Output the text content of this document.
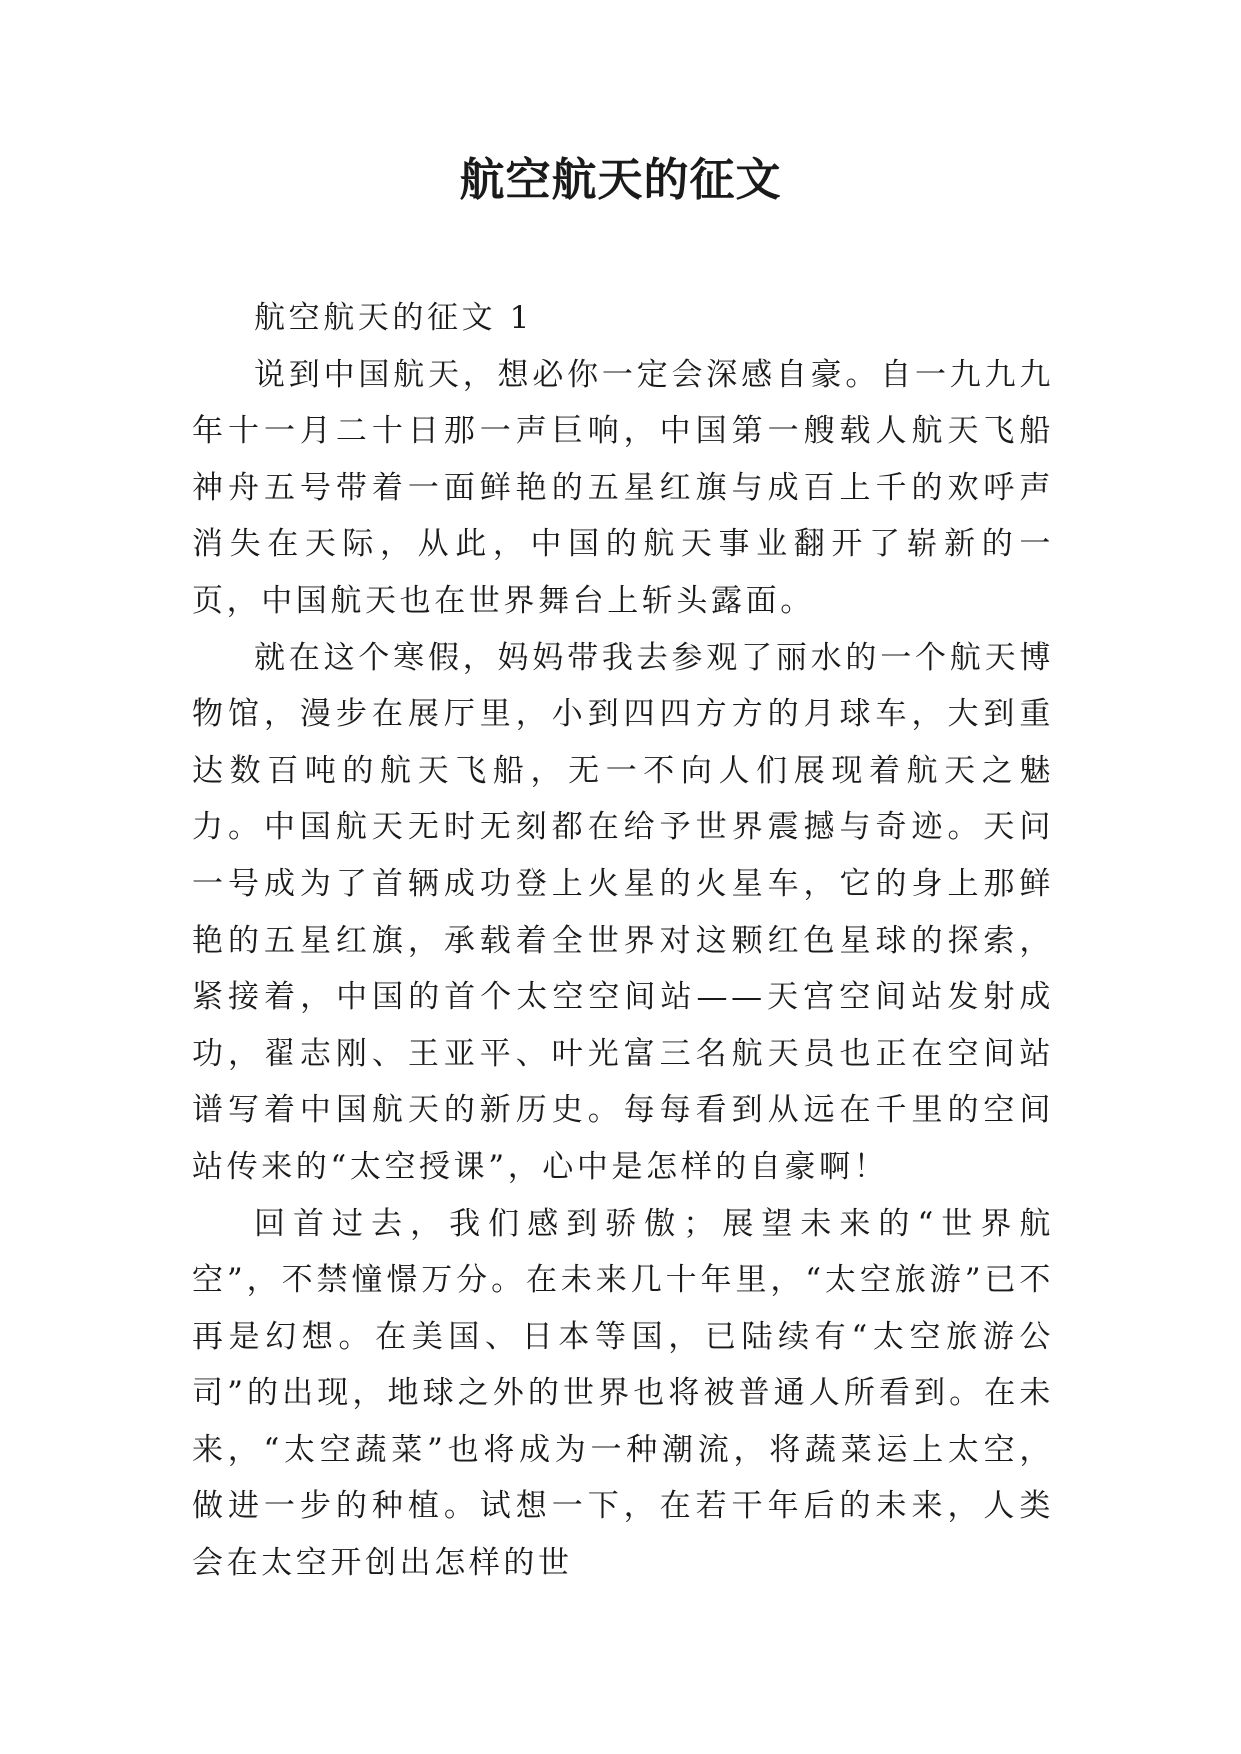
航空航天的征文

航空航天的征文 1

说到中国航天，想必你一定会深感自豪。自一九九九年十一月二十日那一声巨响，中国第一艘载人航天飞船神舟五号带着一面鲜艳的五星红旗与成百上千的欢呼声消失在天际，从此，中国的航天事业翻开了崭新的一页，中国航天也在世界舞台上斩头露面。

就在这个寒假，妈妈带我去参观了丽水的一个航天博物馆，漫步在展厅里，小到四四方方的月球车，大到重达数百吨的航天飞船，无一不向人们展现着航天之魅力。中国航天无时无刻都在给予世界震撼与奇迹。天问一号成为了首辆成功登上火星的火星车，它的身上那鲜艳的五星红旗，承载着全世界对这颗红色星球的探索，紧接着，中国的首个太空空间站——天宫空间站发射成功，翟志刚、王亚平、叶光富三名航天员也正在空间站谱写着中国航天的新历史。每每看到从远在千里的空间站传来的“太空授课”，心中是怎样的自豪啊！

回首过去，我们感到骄傲；展望未来的“世界航空”，不禁憧憬万分。在未来几十年里，“太空旅游”已不再是幻想。在美国、日本等国，已陆续有“太空旅游公司”的出现，地球之外的世界也将被普通人所看到。在未来，“太空蔬菜”也将成为一种潮流，将蔬菜运上太空，做进一步的种植。试想一下，在若干年后的未来，人类会在太空开创出怎样的世
